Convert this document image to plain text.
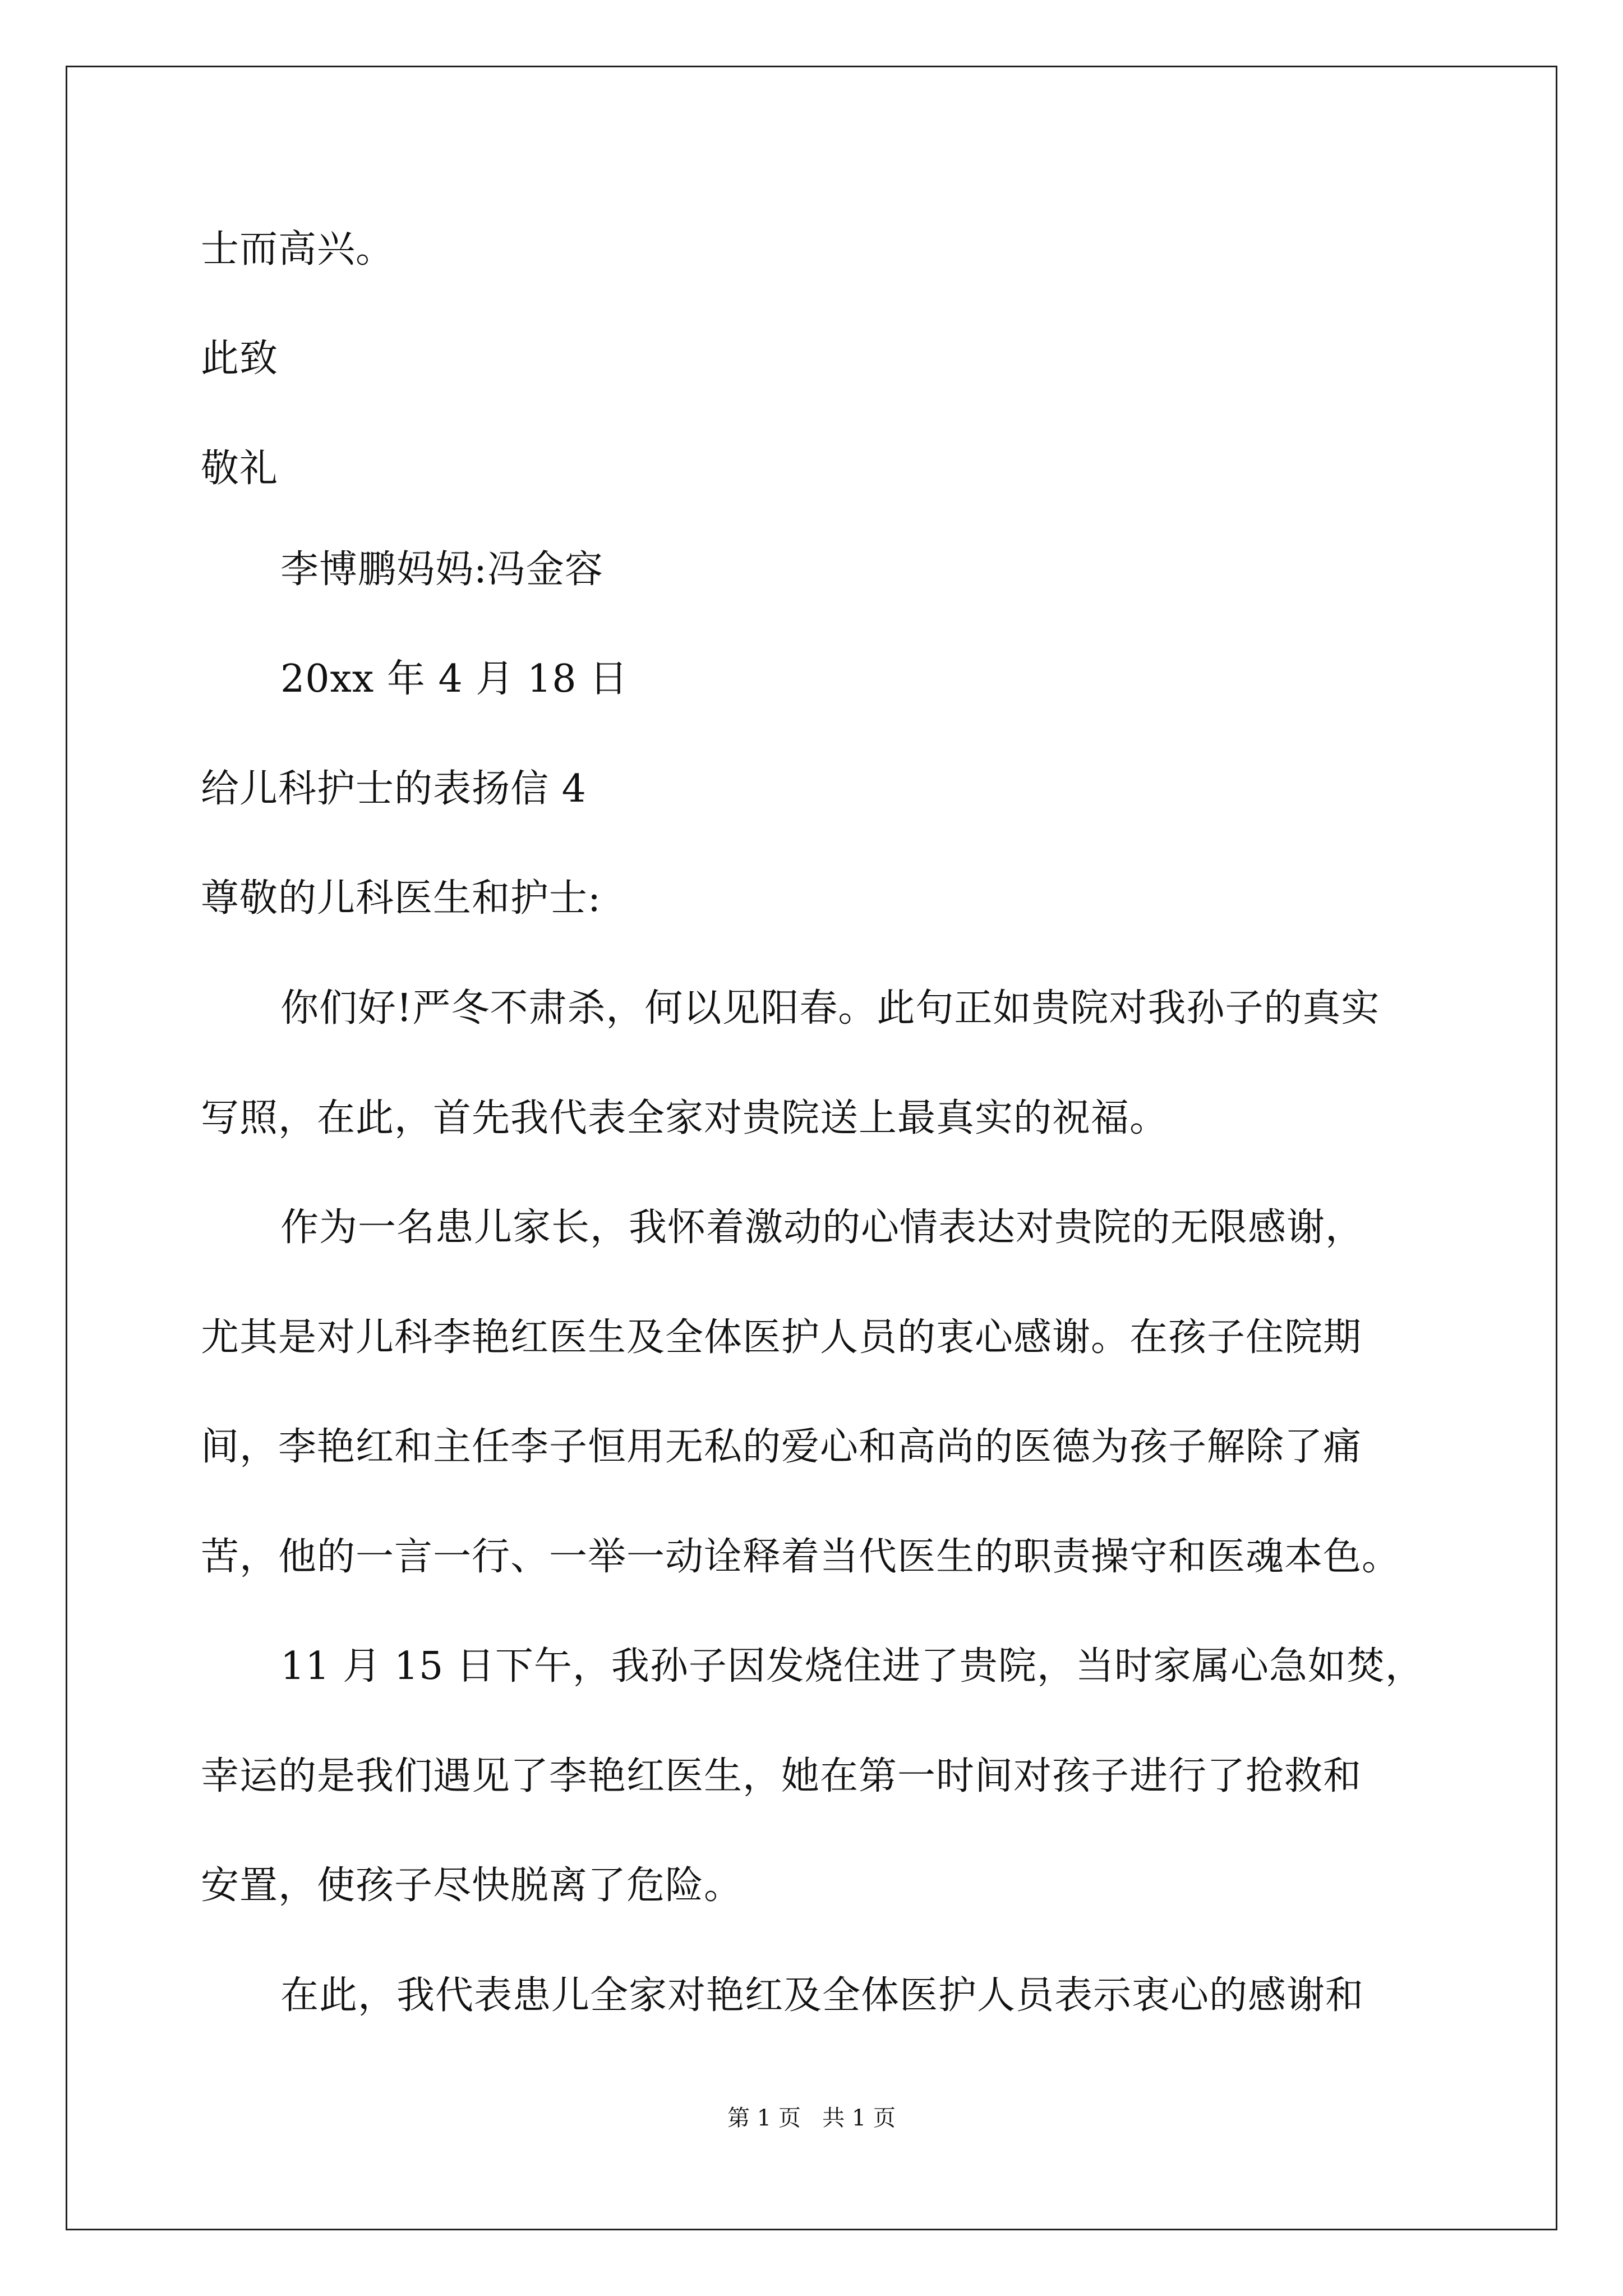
士而高兴。
此致
敬礼
李博鹏妈妈:冯金容
20xx 年 4 月 18 日
给儿科护士的表扬信 4
尊敬的儿科医生和护士:
你们好!严冬不肃杀，何以见阳春。此句正如贵院对我孙子的真实
写照，在此，首先我代表全家对贵院送上最真实的祝福。
作为一名患儿家长，我怀着激动的心情表达对贵院的无限感谢，
尤其是对儿科李艳红医生及全体医护人员的衷心感谢。在孩子住院期
间，李艳红和主任李子恒用无私的爱心和高尚的医德为孩子解除了痛
苦，他的一言一行、一举一动诠释着当代医生的职责操守和医魂本色。
11 月 15 日下午，我孙子因发烧住进了贵院，当时家属心急如焚，
幸运的是我们遇见了李艳红医生，她在第一时间对孩子进行了抢救和
安置，使孩子尽快脱离了危险。
在此，我代表患儿全家对艳红及全体医护人员表示衷心的感谢和
第 1 页   共 1 页
